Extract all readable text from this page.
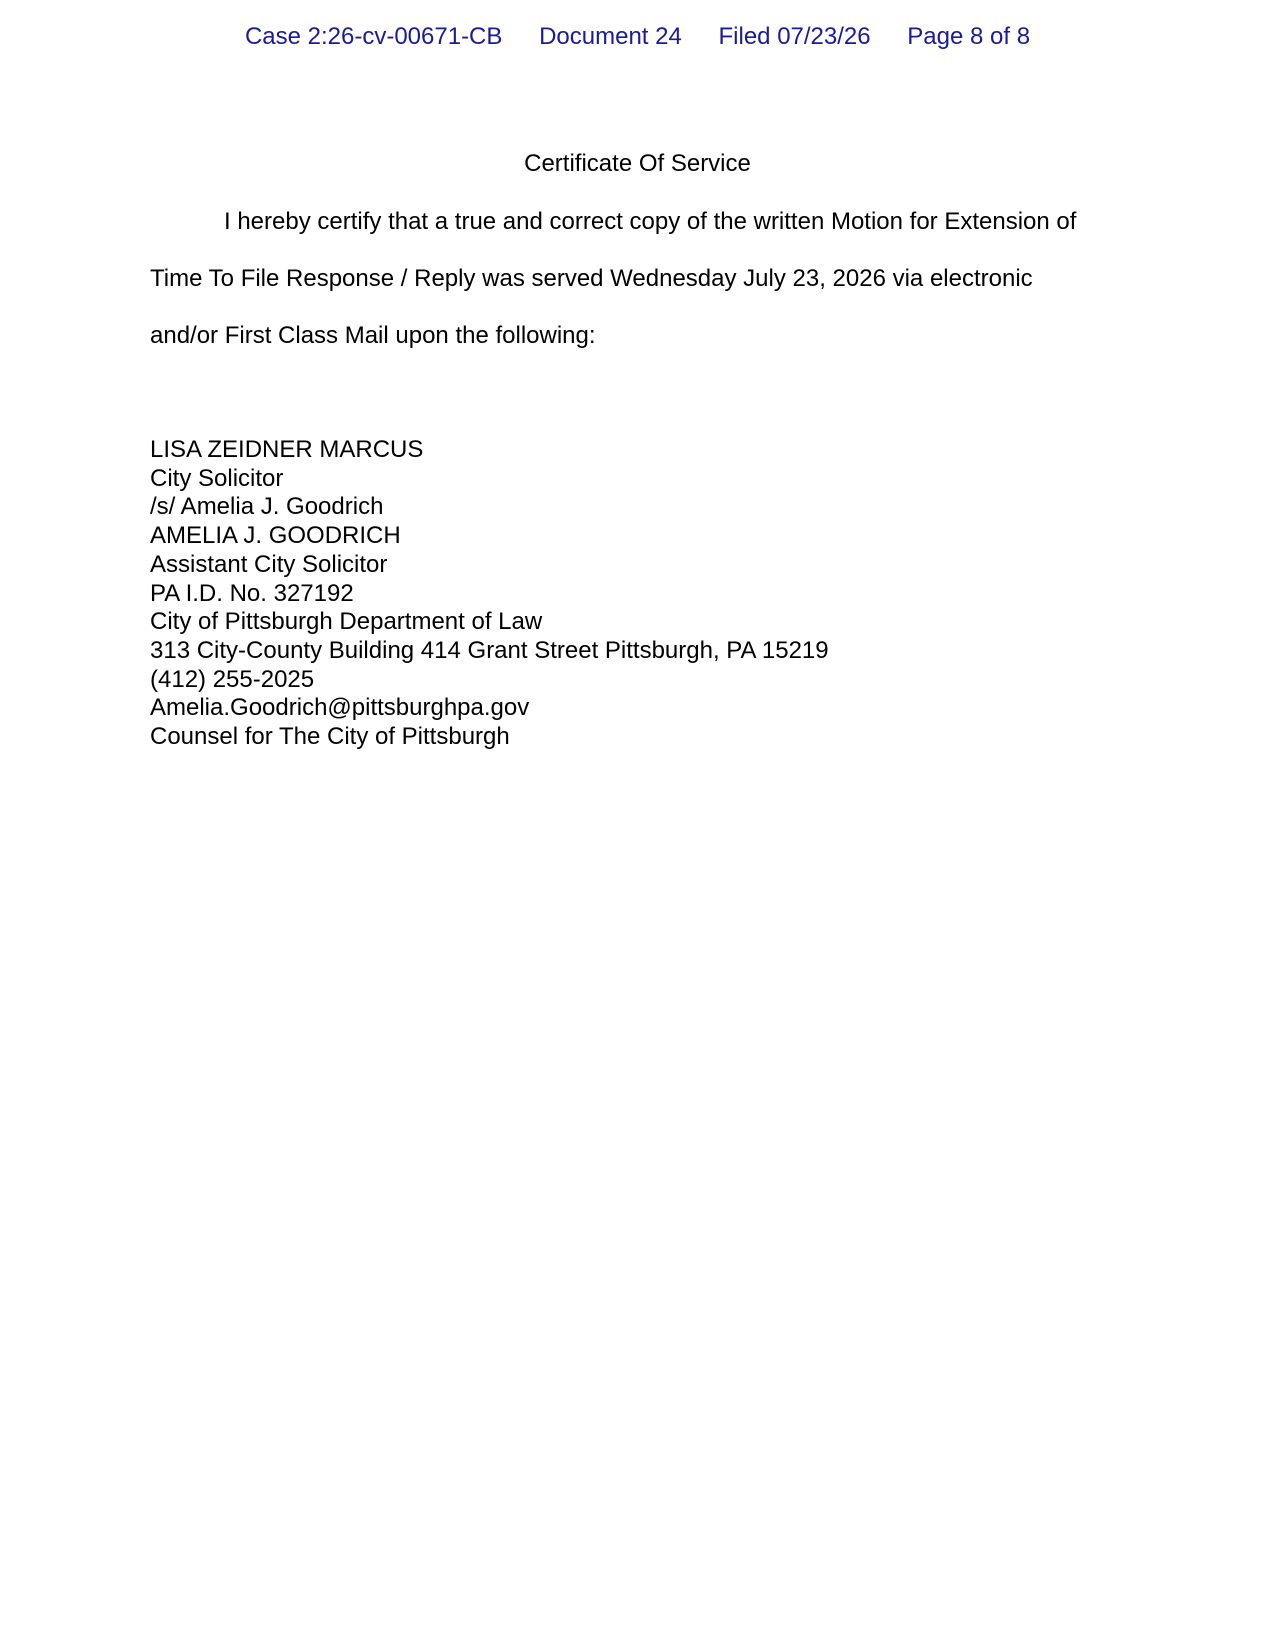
Case 2:26-cv-00671-CB Document 24 Filed 07/23/26 Page 8 of 8
Certificate Of Service
I hereby certify that a true and correct copy of the written Motion for Extension of
Time To File Response / Reply was served Wednesday July 23, 2026 via electronic
and/or First Class Mail upon the following:
LISA ZEIDNER MARCUS
City Solicitor
/s/ Amelia J. Goodrich
AMELIA J. GOODRICH
Assistant City Solicitor
PA I.D. No. 327192
City of Pittsburgh Department of Law
313 City-County Building 414 Grant Street Pittsburgh, PA 15219
(412) 255-2025
Amelia.Goodrich@pittsburghpa.gov
Counsel for The City of Pittsburgh
